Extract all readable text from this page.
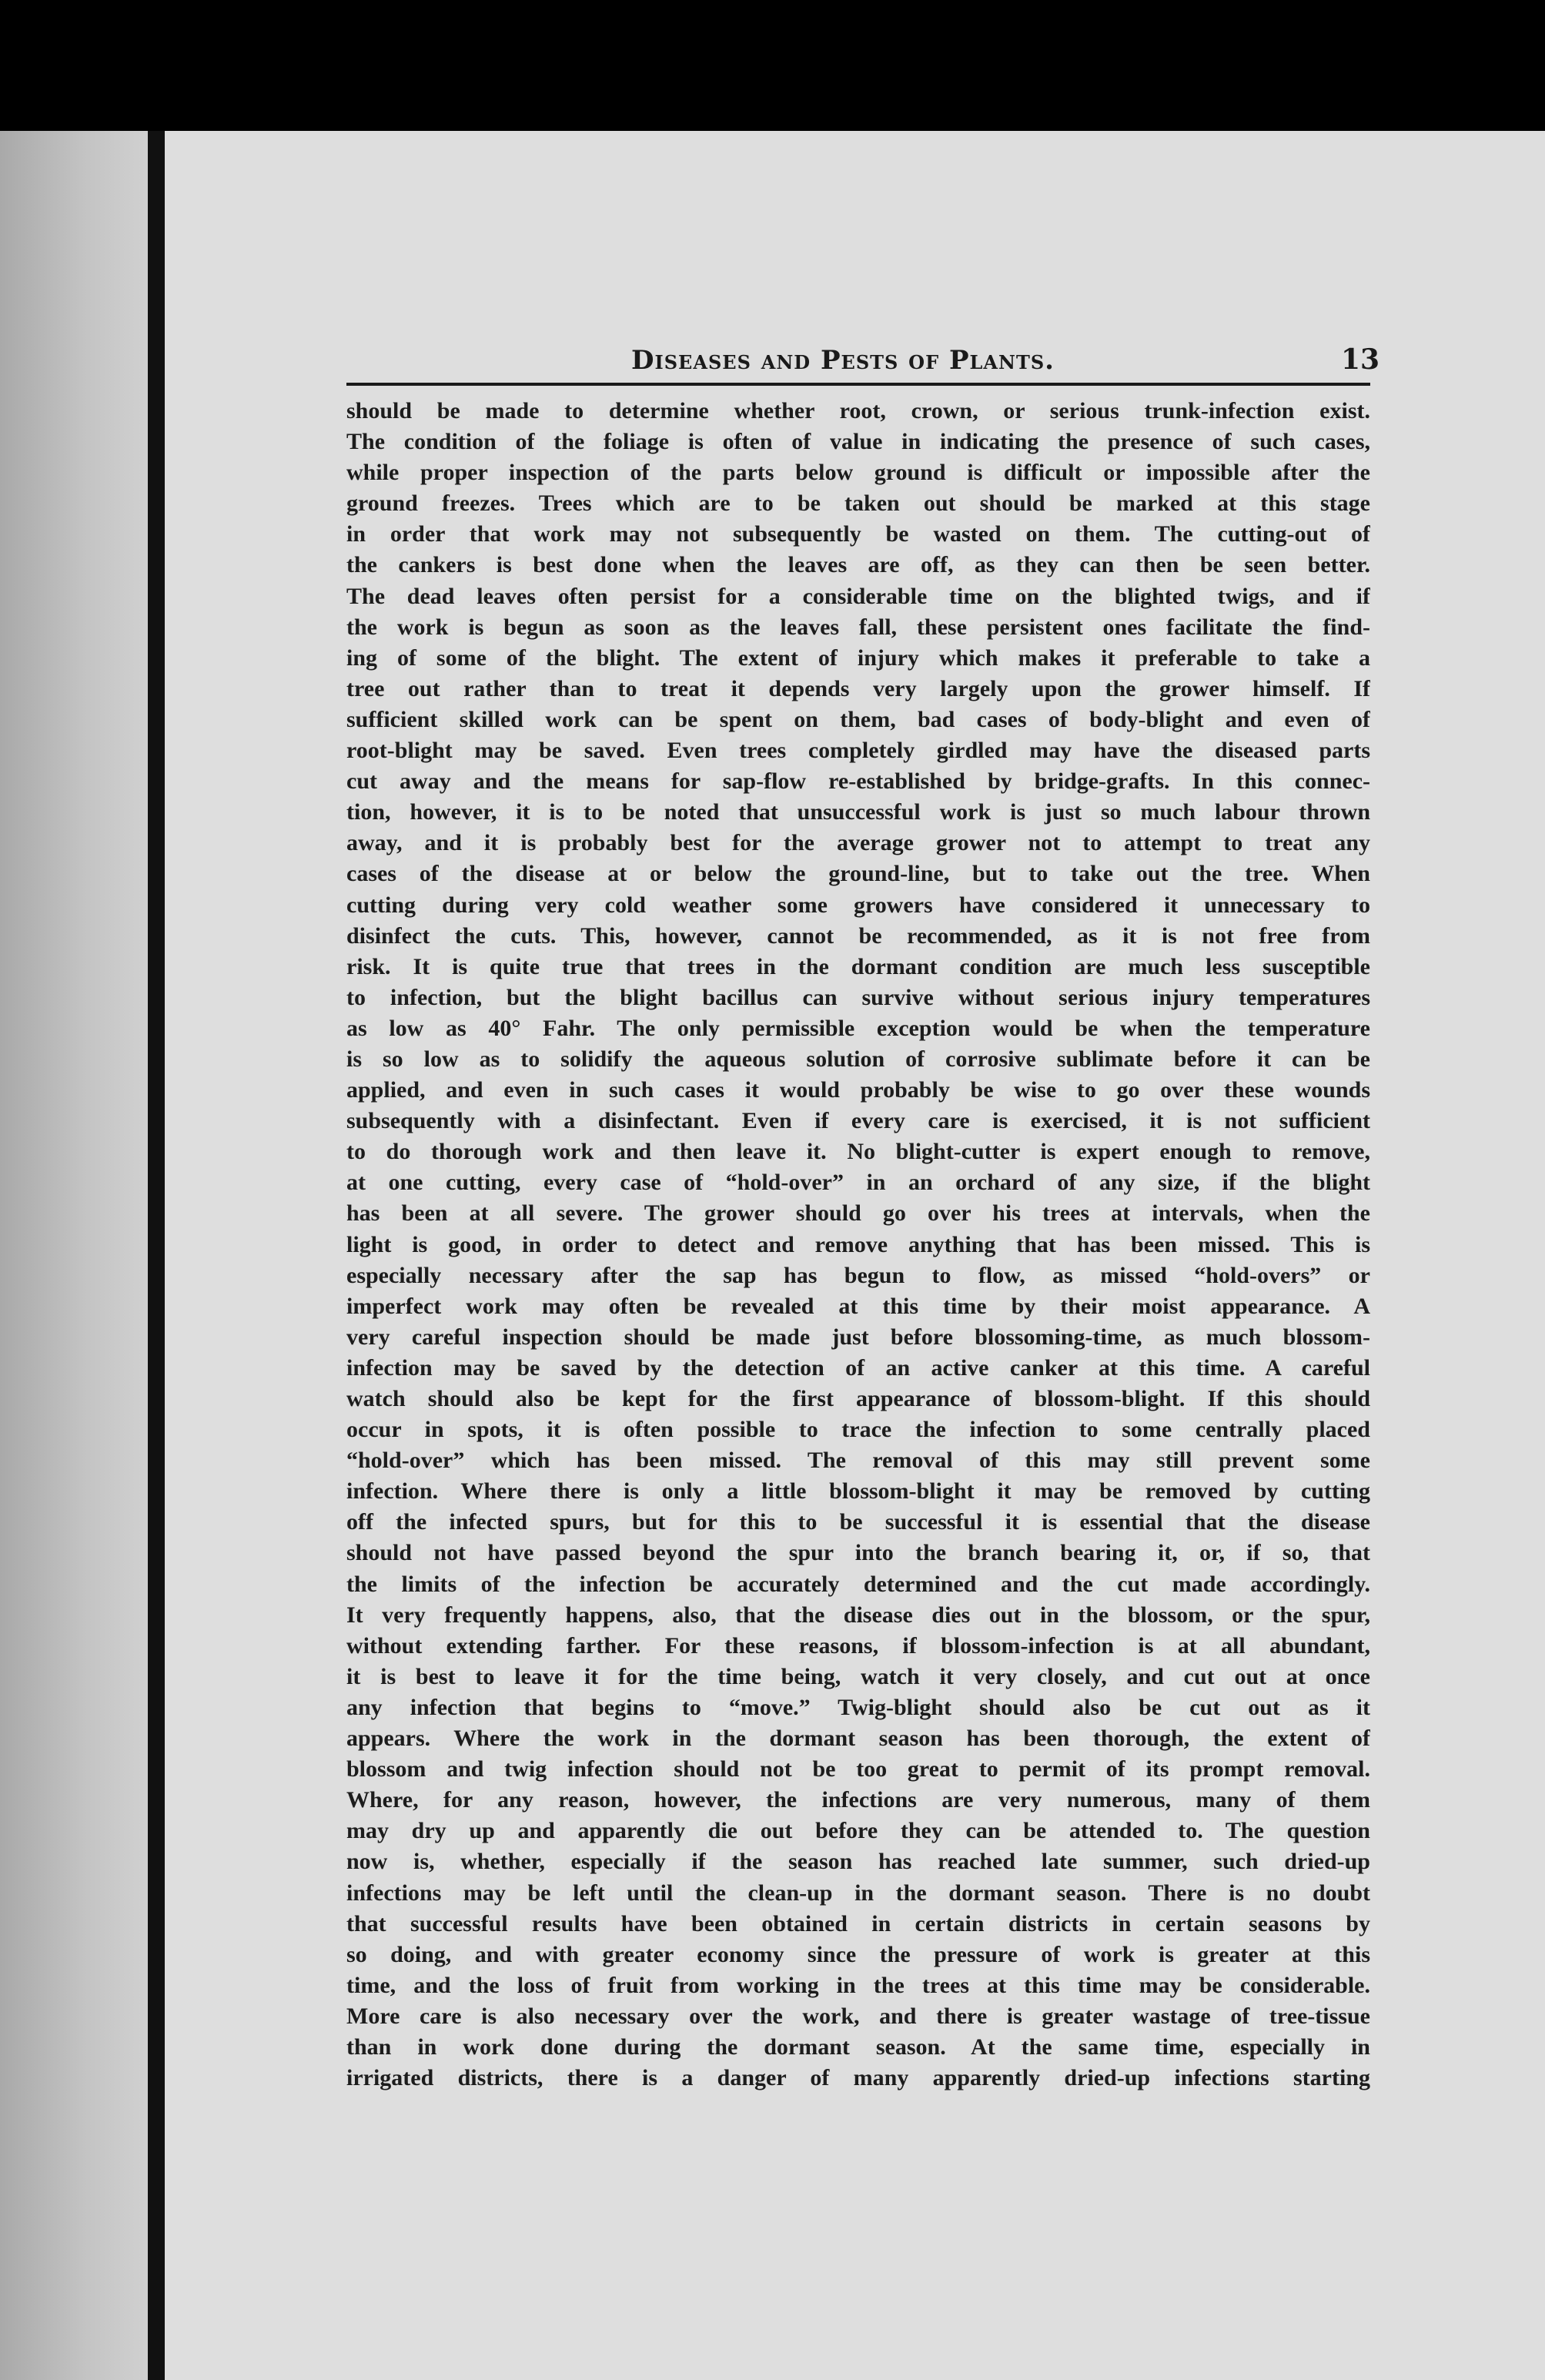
Diseases and Pests of Plants.	13
should be made to determine whether root, crown, or serious trunk-infection exist.
The condition of the foliage is often of value in indicating the presence of such cases,
while proper inspection of the parts below ground is difficult or impossible after the
ground freezes. Trees which are to be taken out should be marked at this stage
in order that work may not subsequently be wasted on them. The cutting-out of
the cankers is best done when the leaves are off, as they can then be seen better.
The dead leaves often persist for a considerable time on the blighted twigs, and if
the work is begun as soon as the leaves fall, these persistent ones facilitate the find-
ing of some of the blight. The extent of injury which makes it preferable to take a
tree out rather than to treat it depends very largely upon the grower himself. If
sufficient skilled work can be spent on them, bad cases of body-blight and even of
root-blight may be saved. Even trees completely girdled may have the diseased parts
cut away and the means for sap-flow re-established by bridge-grafts. In this connec-
tion, however, it is to be noted that unsuccessful work is just so much labour thrown
away, and it is probably best for the average grower not to attempt to treat any
cases of the disease at or below the ground-line, but to take out the tree. When
cutting during very cold weather some growers have considered it unnecessary to
disinfect the cuts. This, however, cannot be recommended, as it is not free from
risk. It is quite true that trees in the dormant condition are much less susceptible
to infection, but the blight bacillus can survive without serious injury temperatures
as low as 40° Fahr. The only permissible exception would be when the temperature
is so low as to solidify the aqueous solution of corrosive sublimate before it can be
applied, and even in such cases it would probably be wise to go over these wounds
subsequently with a disinfectant. Even if every care is exercised, it is not sufficient
to do thorough work and then leave it. No blight-cutter is expert enough to remove,
at one cutting, every case of “hold-over” in an orchard of any size, if the blight
has been at all severe. The grower should go over his trees at intervals, when the
light is good, in order to detect and remove anything that has been missed. This is
especially necessary after the sap has begun to flow, as missed “hold-overs” or
imperfect work may often be revealed at this time by their moist appearance. A
very careful inspection should be made just before blossoming-time, as much blossom-
infection may be saved by the detection of an active canker at this time. A careful
watch should also be kept for the first appearance of blossom-blight. If this should
occur in spots, it is often possible to trace the infection to some centrally placed
“hold-over” which has been missed. The removal of this may still prevent some
infection. Where there is only a little blossom-blight it may be removed by cutting
off the infected spurs, but for this to be successful it is essential that the disease
should not have passed beyond the spur into the branch bearing it, or, if so, that
the limits of the infection be accurately determined and the cut made accordingly.
It very frequently happens, also, that the disease dies out in the blossom, or the spur,
without extending farther. For these reasons, if blossom-infection is at all abundant,
it is best to leave it for the time being, watch it very closely, and cut out at once
any infection that begins to “move.” Twig-blight should also be cut out as it
appears. Where the work in the dormant season has been thorough, the extent of
blossom and twig infection should not be too great to permit of its prompt removal.
Where, for any reason, however, the infections are very numerous, many of them
may dry up and apparently die out before they can be attended to. The question
now is, whether, especially if the season has reached late summer, such dried-up
infections may be left until the clean-up in the dormant season. There is no doubt
that successful results have been obtained in certain districts in certain seasons by
so doing, and with greater economy since the pressure of work is greater at this
time, and the loss of fruit from working in the trees at this time may be considerable.
More care is also necessary over the work, and there is greater wastage of tree-tissue
than in work done during the dormant season. At the same time, especially in
irrigated districts, there is a danger of many apparently dried-up infections starting
